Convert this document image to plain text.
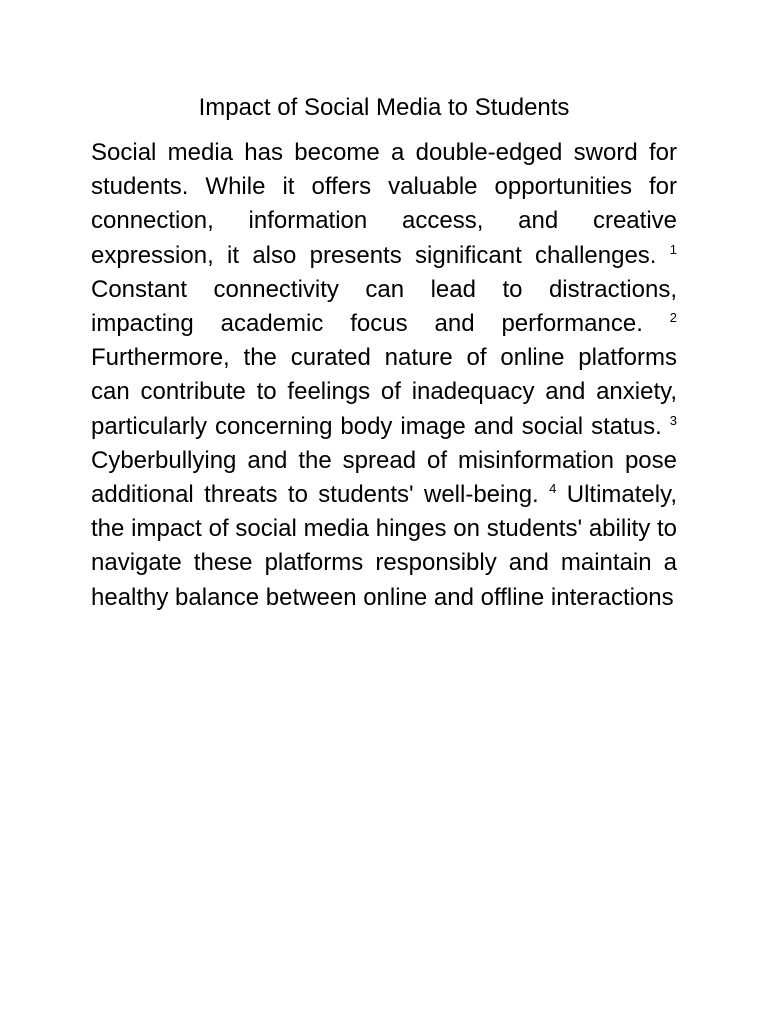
Impact of Social Media to Students

Social media has become a double-edged sword for students. While it offers valuable opportunities for connection, information access, and creative expression, it also presents significant challenges. $^1$ Constant connectivity can lead to distractions, impacting academic focus and performance. $^2$ Furthermore, the curated nature of online platforms can contribute to feelings of inadequacy and anxiety, particularly concerning body image and social status. $^3$ Cyberbullying and the spread of misinformation pose additional threats to students' well-being. $^4$ Ultimately, the impact of social media hinges on students' ability to navigate these platforms responsibly and maintain a healthy balance between online and offline interactions
